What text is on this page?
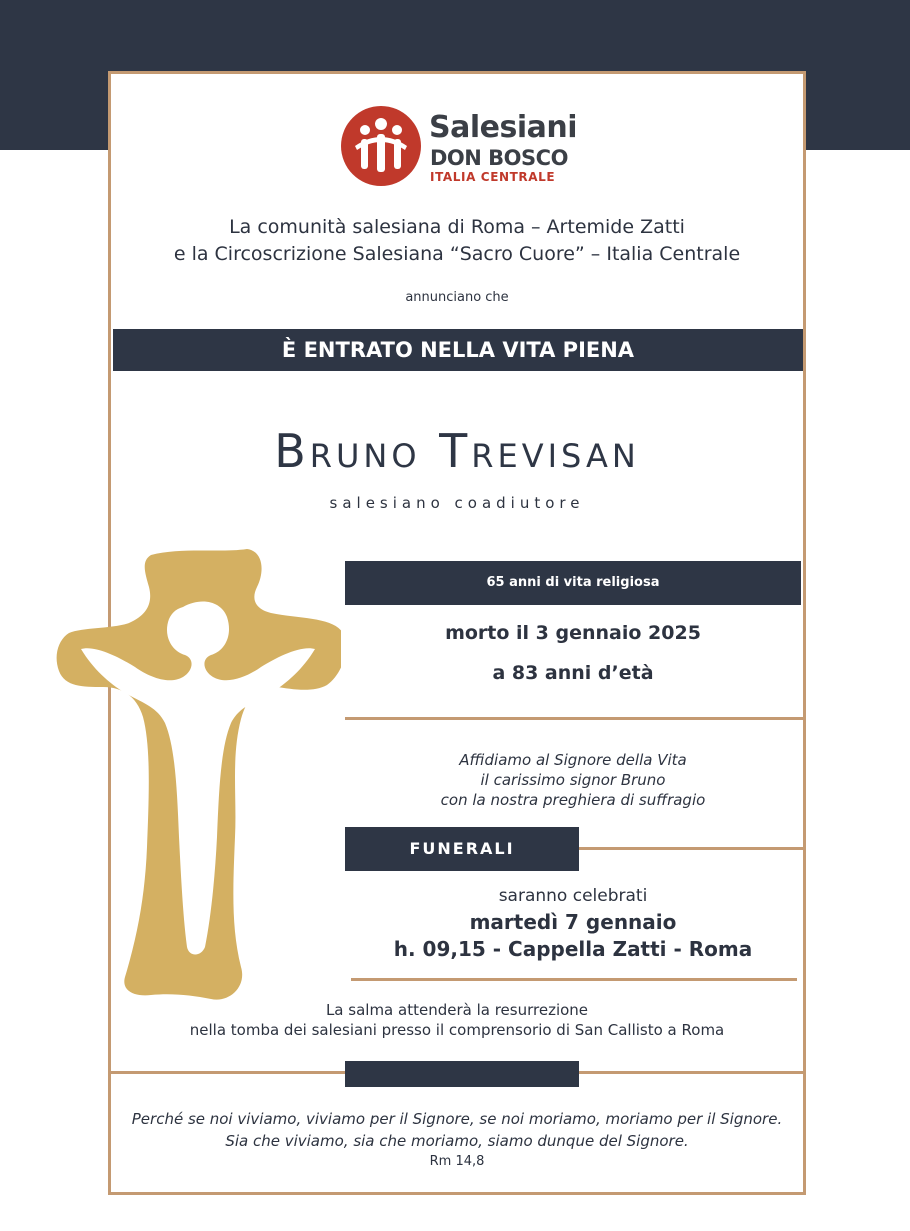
Salesiani
DON BOSCO
ITALIA CENTRALE
La comunità salesiana di Roma – Artemide Zatti
e la Circoscrizione Salesiana “Sacro Cuore” – Italia Centrale
annunciano che
È ENTRATO NELLA VITA PIENA
Bruno Trevisan
salesiano coadiutore
65 anni di vita religiosa
morto il 3 gennaio 2025
a 83 anni d’età
Affidiamo al Signore della Vita
il carissimo signor Bruno
con la nostra preghiera di suffragio
FUNERALI
saranno celebrati
martedì 7 gennaio
h. 09,15 - Cappella Zatti - Roma
La salma attenderà la resurrezione
nella tomba dei salesiani presso il comprensorio di San Callisto a Roma
Perché se noi viviamo, viviamo per il Signore, se noi moriamo, moriamo per il Signore. Sia che viviamo, sia che moriamo, siamo dunque del Signore.
Rm 14,8
